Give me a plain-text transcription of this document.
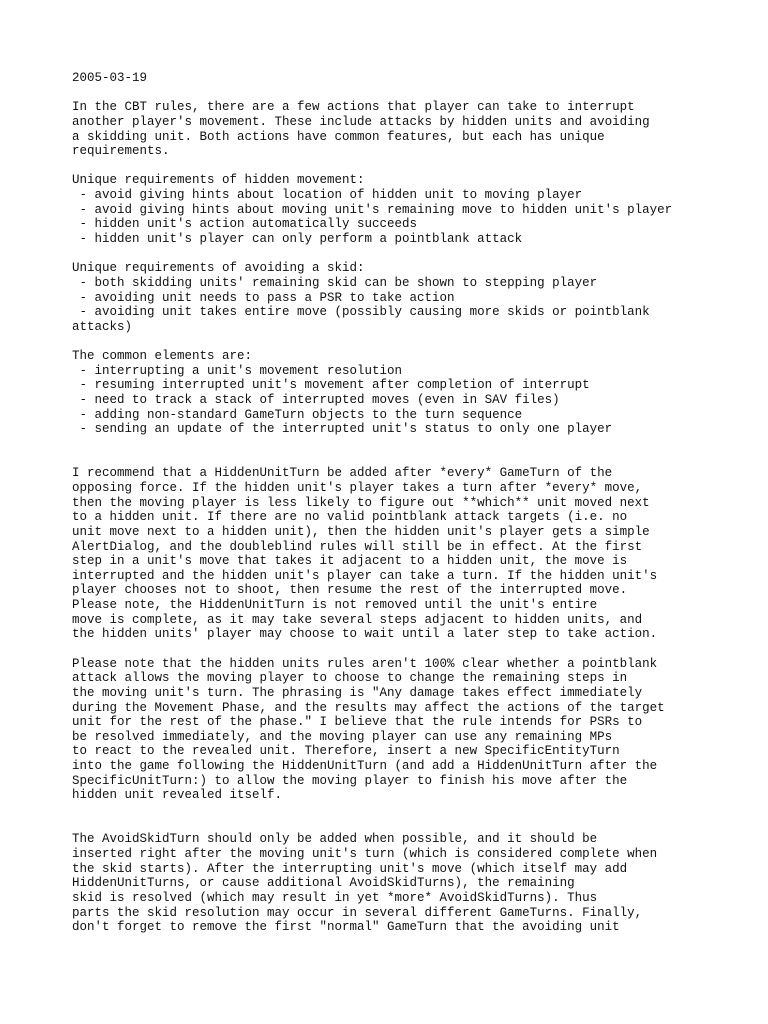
2005-03-19
In the CBT rules, there are a few actions that player can take to interrupt
another player's movement. These include attacks by hidden units and avoiding
a skidding unit. Both actions have common features, but each has unique
requirements.
Unique requirements of hidden movement:
- avoid giving hints about location of hidden unit to moving player
- avoid giving hints about moving unit's remaining move to hidden unit's player
- hidden unit's action automatically succeeds
- hidden unit's player can only perform a pointblank attack
Unique requirements of avoiding a skid:
- both skidding units' remaining skid can be shown to stepping player
- avoiding unit needs to pass a PSR to take action
- avoiding unit takes entire move (possibly causing more skids or pointblank
attacks)
The common elements are:
- interrupting a unit's movement resolution
- resuming interrupted unit's movement after completion of interrupt
- need to track a stack of interrupted moves (even in SAV files)
- adding non-standard GameTurn objects to the turn sequence
- sending an update of the interrupted unit's status to only one player
I recommend that a HiddenUnitTurn be added after *every* GameTurn of the
opposing force. If the hidden unit's player takes a turn after *every* move,
then the moving player is less likely to figure out **which** unit moved next
to a hidden unit. If there are no valid pointblank attack targets (i.e. no
unit move next to a hidden unit), then the hidden unit's player gets a simple
AlertDialog, and the doubleblind rules will still be in effect. At the first
step in a unit's move that takes it adjacent to a hidden unit, the move is
interrupted and the hidden unit's player can take a turn. If the hidden unit's
player chooses not to shoot, then resume the rest of the interrupted move.
Please note, the HiddenUnitTurn is not removed until the unit's entire
move is complete, as it may take several steps adjacent to hidden units, and
the hidden units' player may choose to wait until a later step to take action.
Please note that the hidden units rules aren't 100% clear whether a pointblank
attack allows the moving player to choose to change the remaining steps in
the moving unit's turn. The phrasing is "Any damage takes effect immediately
during the Movement Phase, and the results may affect the actions of the target
unit for the rest of the phase." I believe that the rule intends for PSRs to
be resolved immediately, and the moving player can use any remaining MPs
to react to the revealed unit. Therefore, insert a new SpecificEntityTurn
into the game following the HiddenUnitTurn (and add a HiddenUnitTurn after the
SpecificUnitTurn:) to allow the moving player to finish his move after the
hidden unit revealed itself.
The AvoidSkidTurn should only be added when possible, and it should be
inserted right after the moving unit's turn (which is considered complete when
the skid starts). After the interrupting unit's move (which itself may add
HiddenUnitTurns, or cause additional AvoidSkidTurns), the remaining
skid is resolved (which may result in yet *more* AvoidSkidTurns). Thus
parts the skid resolution may occur in several different GameTurns. Finally,
don't forget to remove the first "normal" GameTurn that the avoiding unit
